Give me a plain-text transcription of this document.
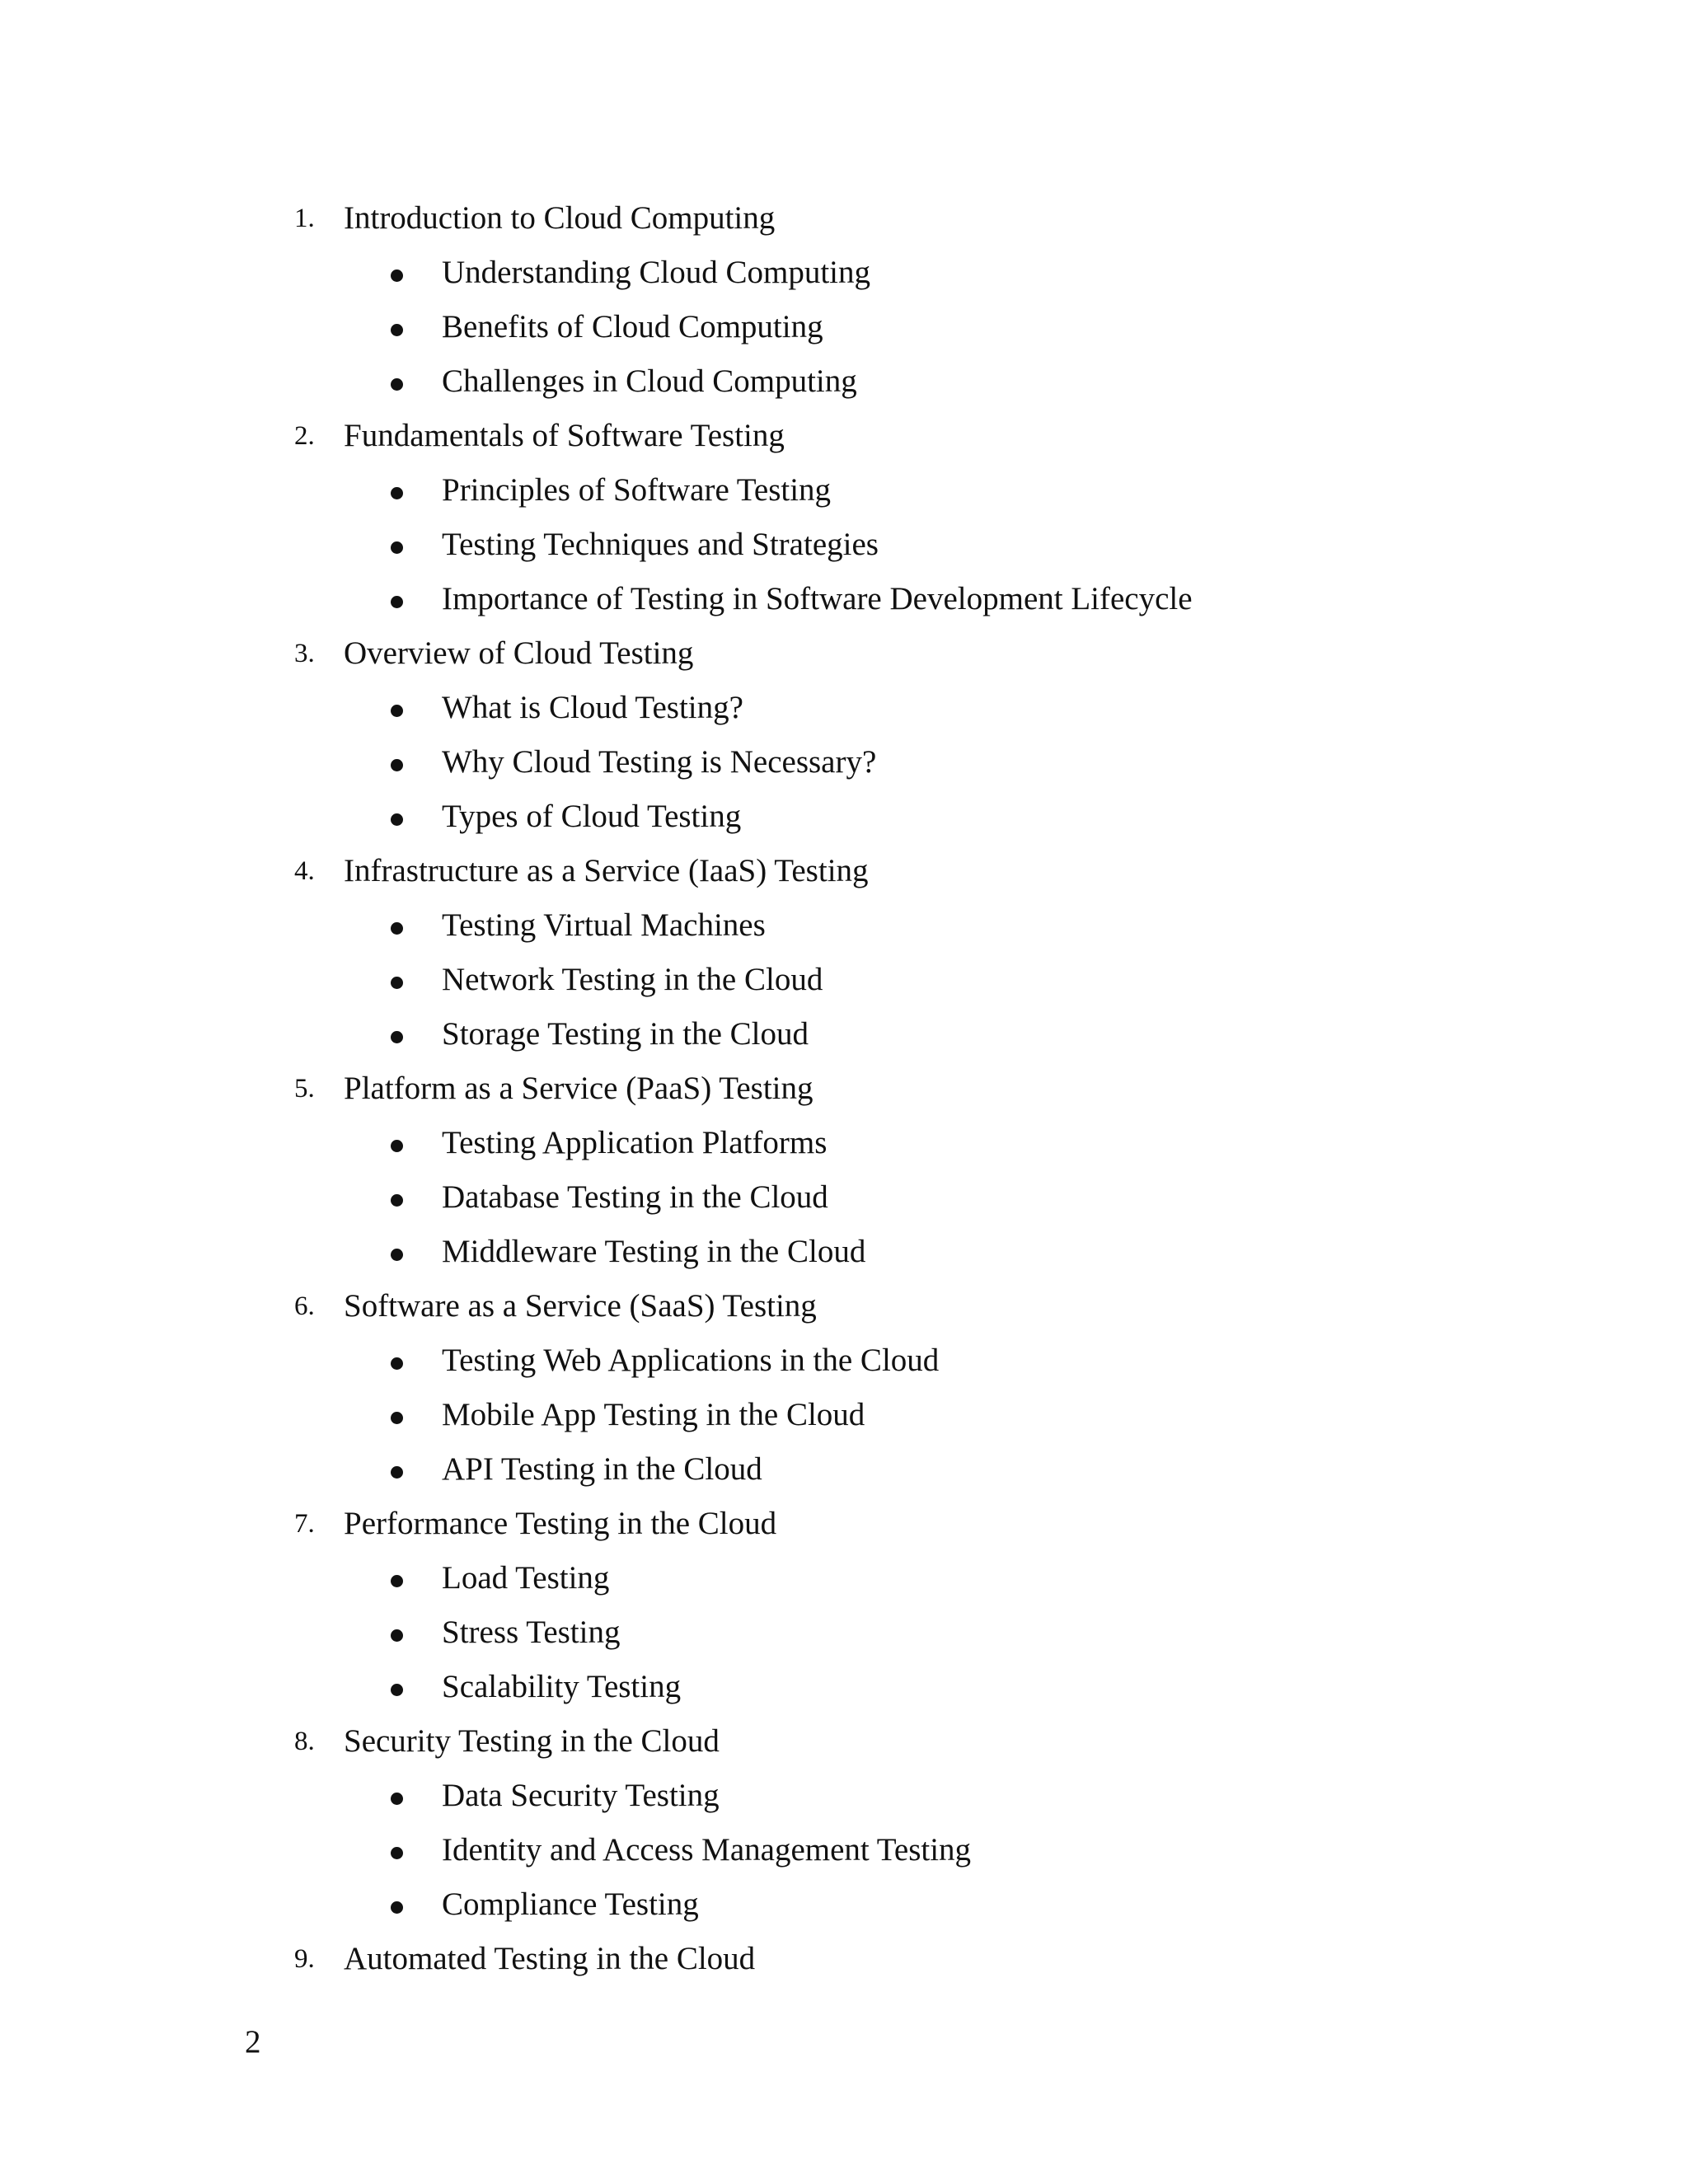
1. Introduction to Cloud Computing
Understanding Cloud Computing
Benefits of Cloud Computing
Challenges in Cloud Computing
2. Fundamentals of Software Testing
Principles of Software Testing
Testing Techniques and Strategies
Importance of Testing in Software Development Lifecycle
3. Overview of Cloud Testing
What is Cloud Testing?
Why Cloud Testing is Necessary?
Types of Cloud Testing
4. Infrastructure as a Service (IaaS) Testing
Testing Virtual Machines
Network Testing in the Cloud
Storage Testing in the Cloud
5. Platform as a Service (PaaS) Testing
Testing Application Platforms
Database Testing in the Cloud
Middleware Testing in the Cloud
6. Software as a Service (SaaS) Testing
Testing Web Applications in the Cloud
Mobile App Testing in the Cloud
API Testing in the Cloud
7. Performance Testing in the Cloud
Load Testing
Stress Testing
Scalability Testing
8. Security Testing in the Cloud
Data Security Testing
Identity and Access Management Testing
Compliance Testing
9. Automated Testing in the Cloud
2
